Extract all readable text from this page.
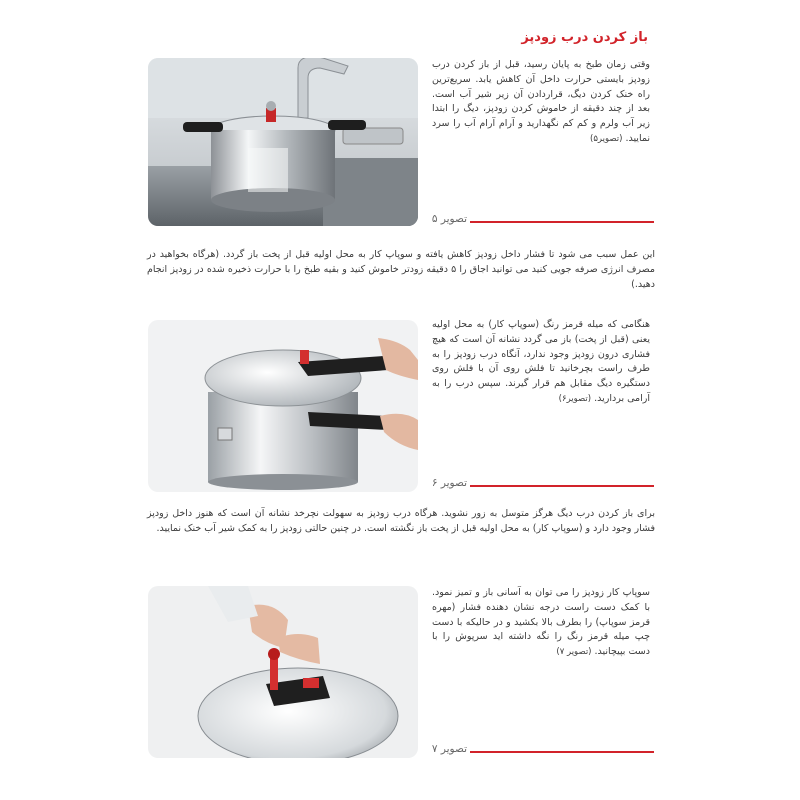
باز کردن درب زودپز
وقتی زمان طبخ به پایان رسید، قبل از باز کردن درب زودپز بایستی حرارت داخل آن کاهش یابد. سریع‌ترین راه خنک کردن دیگ، قراردادن آن زیر شیر آب است. بعد از چند دقیقه از خاموش کردن زودپز، دیگ را ابتدا زیر آب ولرم و کم کم نگهدارید و آرام آرام آب را سرد نمایید. (تصویر۵)
تصویر ۵
این عمل سبب می شود تا فشار داخل زودپز کاهش یافته و سوپاپ کار به محل اولیه قبل از پخت باز گردد. (هرگاه بخواهید در مصرف انرژی صرفه جویی کنید می توانید اجاق را ۵ دقیقه زودتر خاموش کنید و بقیه طبخ را با حرارت ذخیره شده در زودپز انجام دهید.)
هنگامی که میله قرمز رنگ (سوپاپ کار) به محل اولیه یعنی (قبل از پخت) باز می گردد نشانه آن است که هیچ فشاری درون زودپز وجود ندارد، آنگاه درب زودپز را به طرف راست بچرخانید تا فلش روی آن با فلش روی دستگیره دیگ مقابل هم قرار گیرند. سپس درب را به آرامی بردارید. (تصویر۶)
تصویر ۶
برای باز کردن درب دیگ هرگز متوسل به زور نشوید. هرگاه درب زودپز به سهولت نچرخد نشانه آن است که هنوز داخل زودپز فشار وجود دارد و (سوپاپ کار) به محل اولیه قبل از پخت باز نگشته است. در چنین حالتی زودپز را به کمک شیر آب خنک نمایید.
سوپاپ کار زودپز را می توان به آسانی باز و تمیز نمود. با کمک دست راست درجه نشان دهنده فشار (مهره قرمز سوپاپ) را بطرف بالا بکشید و در حالیکه با دست چپ میله قرمز رنگ را نگه داشته اید سرپوش را با دست بپیچانید. (تصویر ۷)
تصویر ۷
